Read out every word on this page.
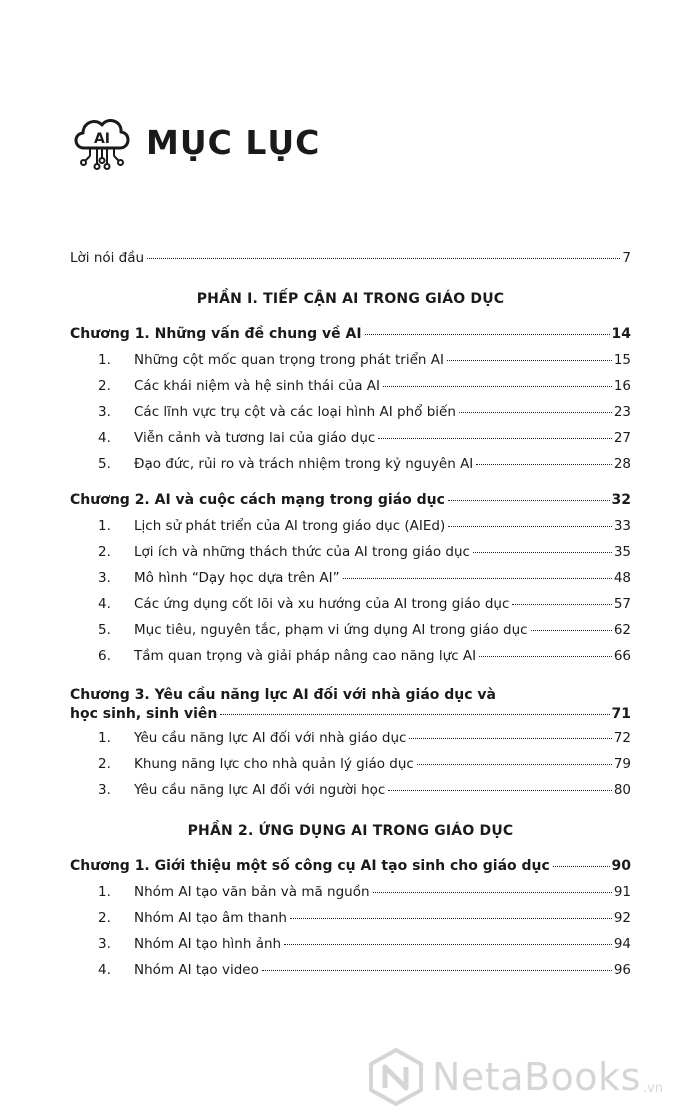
AI MỤC LỤC
Lời nói đầu	7
PHẦN I. TIẾP CẬN AI TRONG GIÁO DỤC
Chương 1. Những vấn đề chung về AI	14
1. Những cột mốc quan trọng trong phát triển AI	15
2. Các khái niệm và hệ sinh thái của AI	16
3. Các lĩnh vực trụ cột và các loại hình AI phổ biến	23
4. Viễn cảnh và tương lai của giáo dục	27
5. Đạo đức, rủi ro và trách nhiệm trong kỷ nguyên AI	28
Chương 2. AI và cuộc cách mạng trong giáo dục	32
1. Lịch sử phát triển của AI trong giáo dục (AIEd)	33
2. Lợi ích và những thách thức của AI trong giáo dục	35
3. Mô hình “Dạy học dựa trên AI”	48
4. Các ứng dụng cốt lõi và xu hướng của AI trong giáo dục	57
5. Mục tiêu, nguyên tắc, phạm vi ứng dụng AI trong giáo dục	62
6. Tầm quan trọng và giải pháp nâng cao năng lực AI	66
Chương 3. Yêu cầu năng lực AI đối với nhà giáo dục và
học sinh, sinh viên	71
1. Yêu cầu năng lực AI đối với nhà giáo dục	72
2. Khung năng lực cho nhà quản lý giáo dục	79
3. Yêu cầu năng lực AI đối với người học	80
PHẦN 2. ỨNG DỤNG AI TRONG GIÁO DỤC
Chương 1. Giới thiệu một số công cụ AI tạo sinh cho giáo dục	90
1. Nhóm AI tạo văn bản và mã nguồn	91
2. Nhóm AI tạo âm thanh	92
3. Nhóm AI tạo hình ảnh	94
4. Nhóm AI tạo video	96
NetaBooks .vn
